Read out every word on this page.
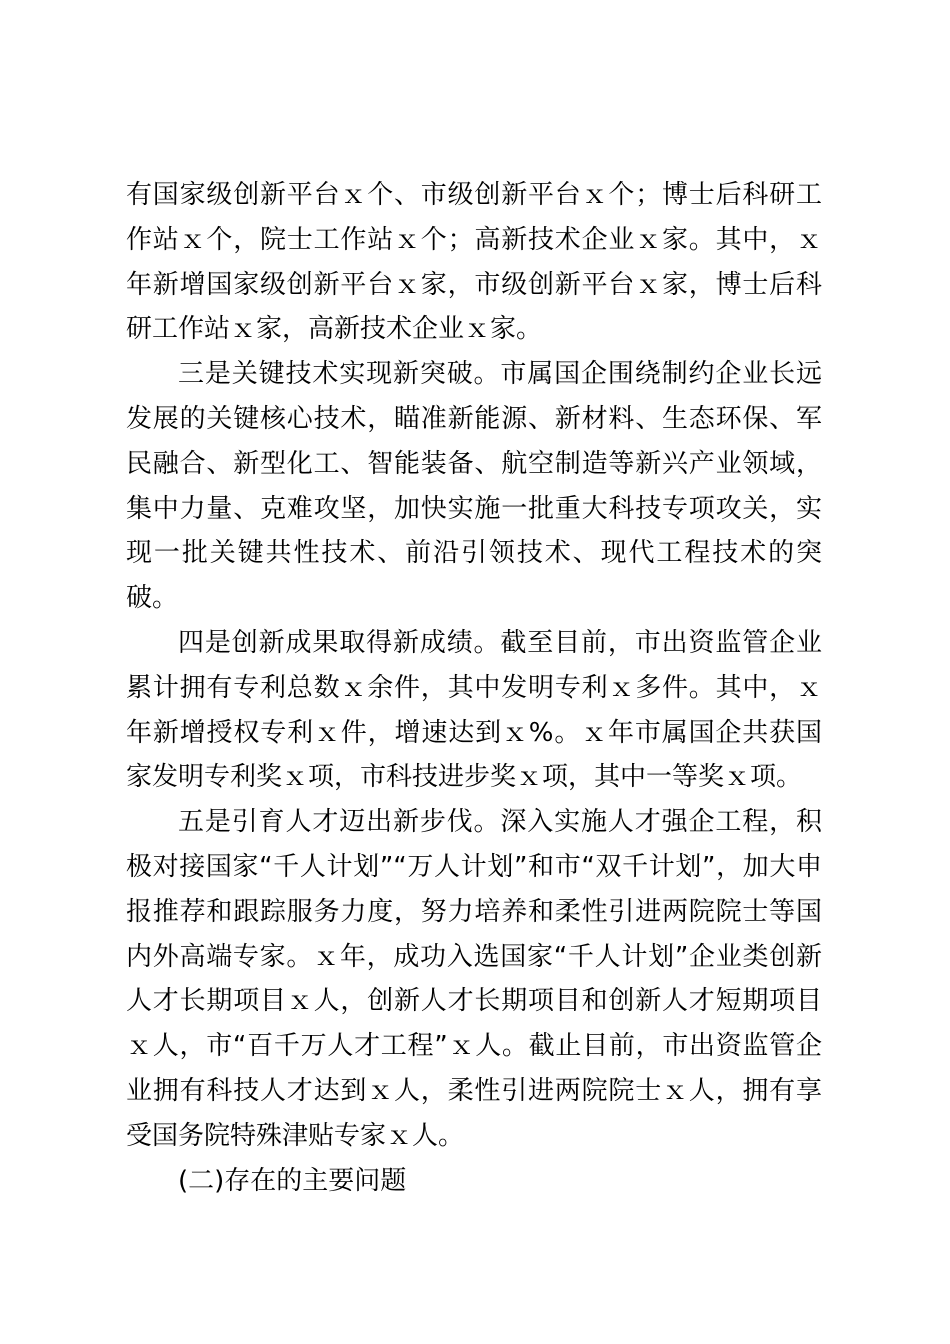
有国家级创新平台ｘ个、市级创新平台ｘ个；博士后科研工作站ｘ个，院士工作站ｘ个；高新技术企业ｘ家。其中，ｘ年新增国家级创新平台ｘ家，市级创新平台ｘ家，博士后科研工作站ｘ家，高新技术企业ｘ家。

三是关键技术实现新突破。市属国企围绕制约企业长远发展的关键核心技术，瞄准新能源、新材料、生态环保、军民融合、新型化工、智能装备、航空制造等新兴产业领域，集中力量、克难攻坚，加快实施一批重大科技专项攻关，实现一批关键共性技术、前沿引领技术、现代工程技术的突破。

四是创新成果取得新成绩。截至目前，市出资监管企业累计拥有专利总数ｘ余件，其中发明专利ｘ多件。其中，ｘ年新增授权专利ｘ件，增速达到ｘ%。ｘ年市属国企共获国家发明专利奖ｘ项，市科技进步奖ｘ项，其中一等奖ｘ项。

五是引育人才迈出新步伐。深入实施人才强企工程，积极对接国家“千人计划”“万人计划”和市“双千计划”，加大申报推荐和跟踪服务力度，努力培养和柔性引进两院院士等国内外高端专家。ｘ年，成功入选国家“千人计划”企业类创新人才长期项目ｘ人，创新人才长期项目和创新人才短期项目ｘ人，市“百千万人才工程”ｘ人。截止目前，市出资监管企业拥有科技人才达到ｘ人，柔性引进两院院士ｘ人，拥有享受国务院特殊津贴专家ｘ人。

(二)存在的主要问题
